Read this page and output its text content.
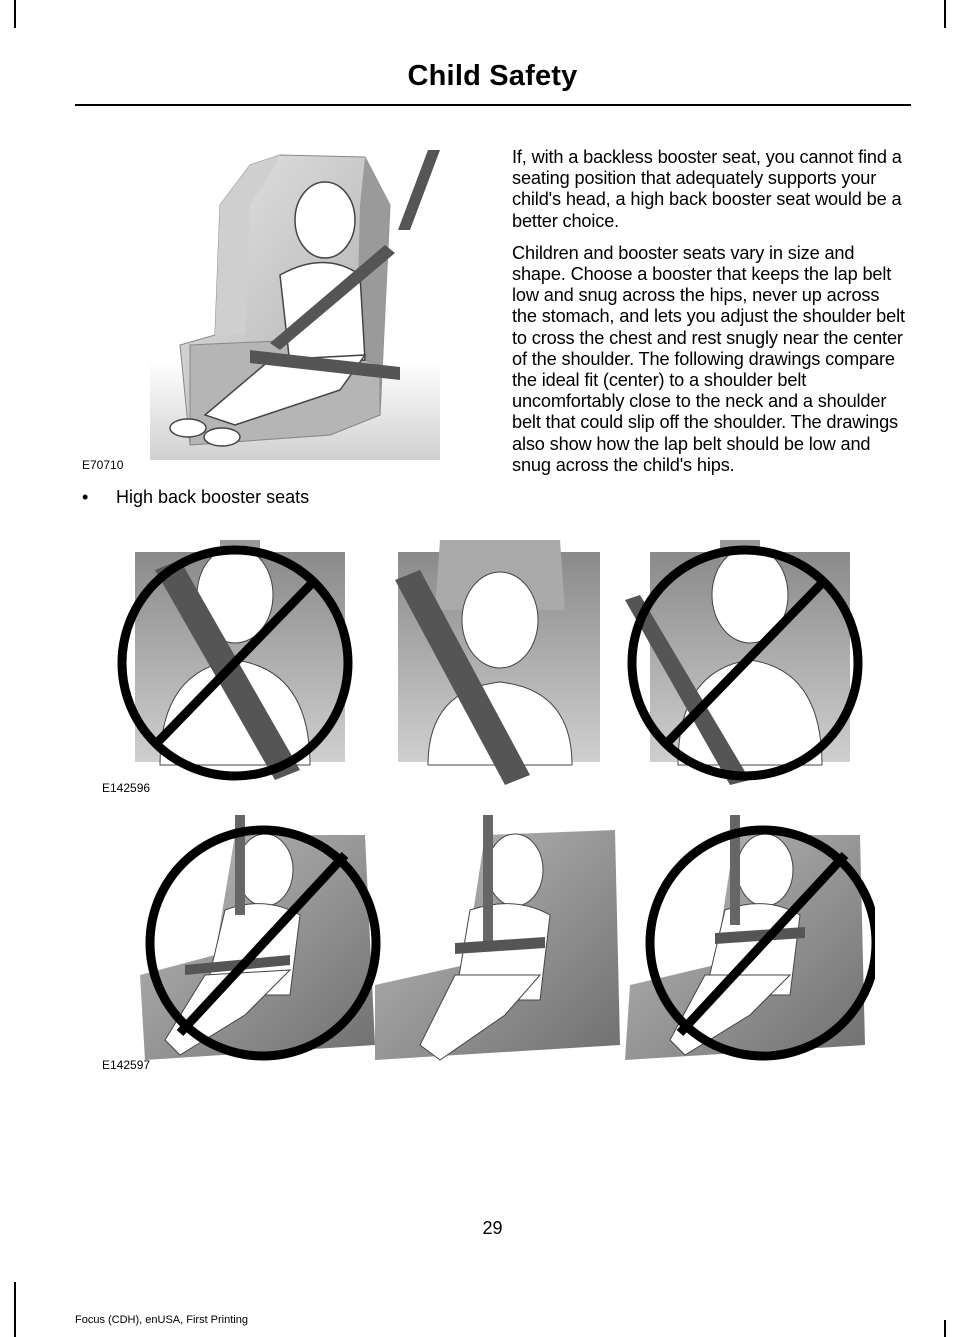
Child Safety
E70710
• High back booster seats

If, with a backless booster seat, you cannot find a seating position that adequately supports your child's head, a high back booster seat would be a better choice.

Children and booster seats vary in size and shape. Choose a booster that keeps the lap belt low and snug across the hips, never up across the stomach, and lets you adjust the shoulder belt to cross the chest and rest snugly near the center of the shoulder. The following drawings compare the ideal fit (center) to a shoulder belt uncomfortably close to the neck and a shoulder belt that could slip off the shoulder. The drawings also show how the lap belt should be low and snug across the child's hips.

E142596
E142597
29
Focus (CDH), enUSA, First Printing
